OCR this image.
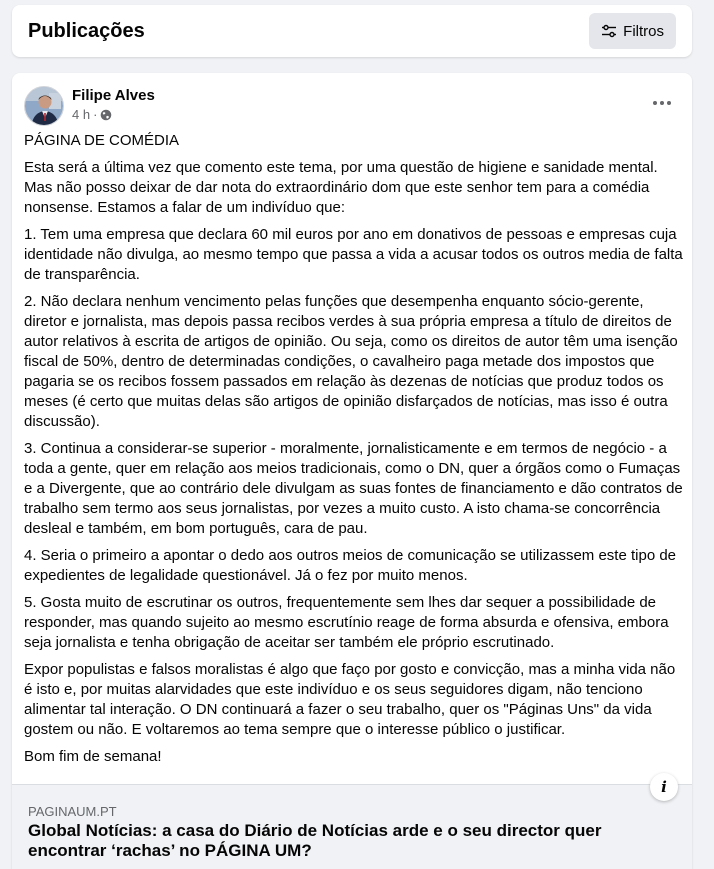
Publicações	Filtros
Filipe Alves
4 h ·

PÁGINA DE COMÉDIA

Esta será a última vez que comento este tema, por uma questão de higiene e sanidade mental. Mas não posso deixar de dar nota do extraordinário dom que este senhor tem para a comédia nonsense. Estamos a falar de um indivíduo que:

1. Tem uma empresa que declara 60 mil euros por ano em donativos de pessoas e empresas cuja identidade não divulga, ao mesmo tempo que passa a vida a acusar todos os outros media de falta de transparência.

2. Não declara nenhum vencimento pelas funções que desempenha enquanto sócio-gerente, diretor e jornalista, mas depois passa recibos verdes à sua própria empresa a título de direitos de autor relativos à escrita de artigos de opinião. Ou seja, como os direitos de autor têm uma isenção fiscal de 50%, dentro de determinadas condições, o cavalheiro paga metade dos impostos que pagaria se os recibos fossem passados em relação às dezenas de notícias que produz todos os meses (é certo que muitas delas são artigos de opinião disfarçados de notícias, mas isso é outra discussão).

3. Continua a considerar-se superior - moralmente, jornalisticamente e em termos de negócio - a toda a gente, quer em relação aos meios tradicionais, como o DN, quer a órgãos como o Fumaças e a Divergente, que ao contrário dele divulgam as suas fontes de financiamento e dão contratos de trabalho sem termo aos seus jornalistas, por vezes a muito custo. A isto chama-se concorrência desleal e também, em bom português, cara de pau.

4. Seria o primeiro a apontar o dedo aos outros meios de comunicação se utilizassem este tipo de expedientes de legalidade questionável. Já o fez por muito menos.

5. Gosta muito de escrutinar os outros, frequentemente sem lhes dar sequer a possibilidade de responder, mas quando sujeito ao mesmo escrutínio reage de forma absurda e ofensiva, embora seja jornalista e tenha obrigação de aceitar ser também ele próprio escrutinado.

Expor populistas e falsos moralistas é algo que faço por gosto e convicção, mas a minha vida não é isto e, por muitas alarvidades que este indivíduo e os seus seguidores digam, não tenciono alimentar tal interação. O DN continuará a fazer o seu trabalho, quer os "Páginas Uns" da vida gostem ou não. E voltaremos ao tema sempre que o interesse público o justificar.

Bom fim de semana!

i
PAGINAUM.PT
Global Notícias: a casa do Diário de Notícias arde e o seu director quer encontrar ‘rachas’ no PÁGINA UM?
